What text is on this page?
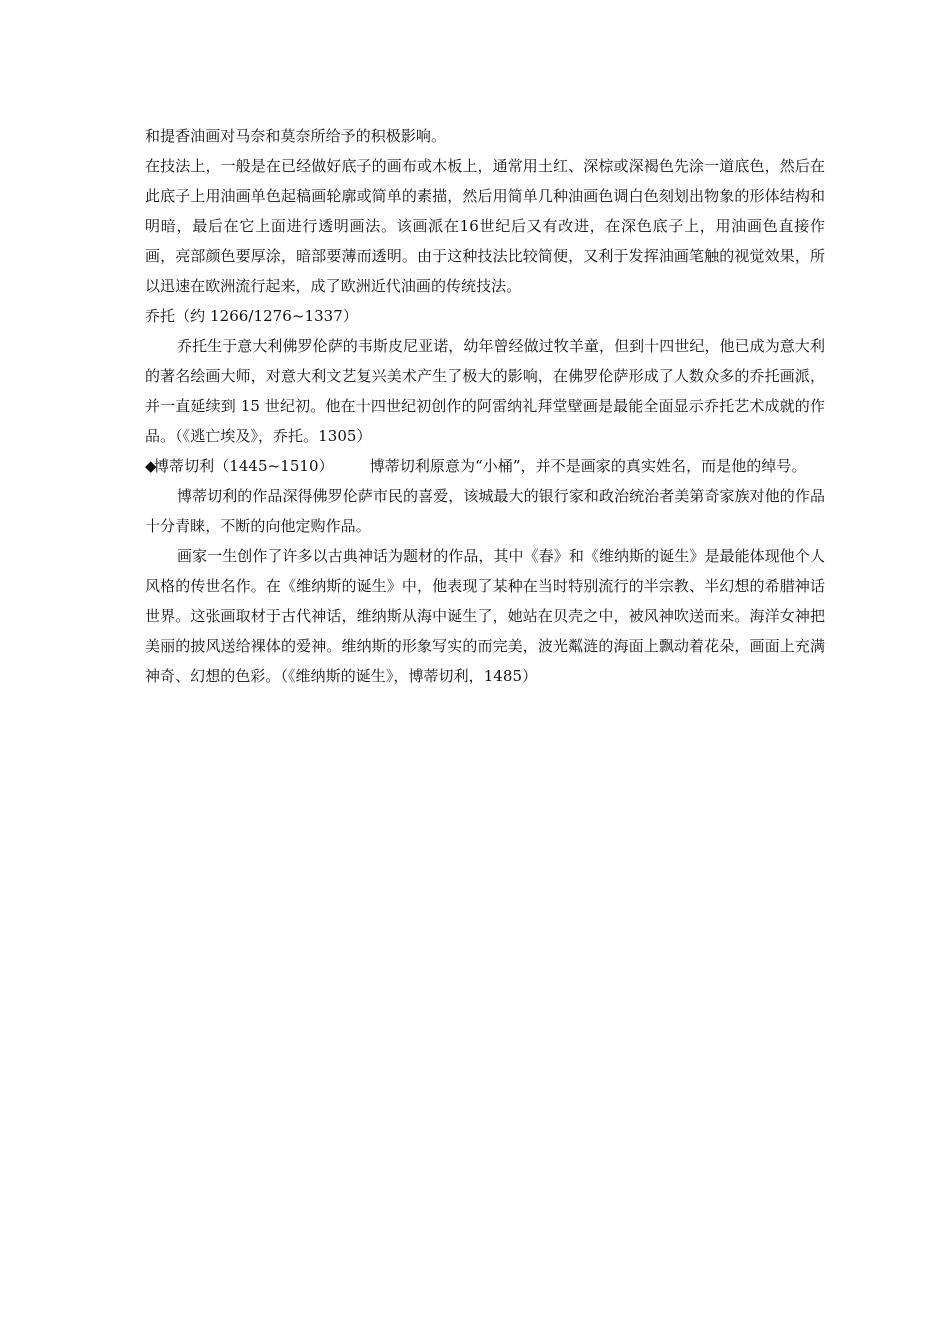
和提香油画对马奈和莫奈所给予的积极影响。

在技法上，一般是在已经做好底子的画布或木板上，通常用土红、深棕或深褐色先涂一道底色，然后在此底子上用油画单色起稿画轮廓或简单的素描，然后用简单几种油画色调白色刻划出物象的形体结构和明暗，最后在它上面进行透明画法。该画派在16世纪后又有改进，在深色底子上，用油画色直接作画，亮部颜色要厚涂，暗部要薄而透明。由于这种技法比较简便，又利于发挥油画笔触的视觉效果，所以迅速在欧洲流行起来，成了欧洲近代油画的传统技法。

乔托（约 1266/1276~1337）

乔托生于意大利佛罗伦萨的韦斯皮尼亚诺，幼年曾经做过牧羊童，但到十四世纪，他已成为意大利的著名绘画大师，对意大利文艺复兴美术产生了极大的影响，在佛罗伦萨形成了人数众多的乔托画派，并一直延续到 15 世纪初。他在十四世纪初创作的阿雷纳礼拜堂壁画是最能全面显示乔托艺术成就的作品。（《逃亡埃及》，乔托。1305）

◆博蒂切利（1445~1510） 博蒂切利原意为“小桶”，并不是画家的真实姓名，而是他的绰号。

博蒂切利的作品深得佛罗伦萨市民的喜爱，该城最大的银行家和政治统治者美第奇家族对他的作品十分青睐，不断的向他定购作品。

画家一生创作了许多以古典神话为题材的作品，其中《春》和《维纳斯的诞生》是最能体现他个人风格的传世名作。在《维纳斯的诞生》中，他表现了某种在当时特别流行的半宗教、半幻想的希腊神话世界。这张画取材于古代神话，维纳斯从海中诞生了，她站在贝壳之中，被风神吹送而来。海洋女神把美丽的披风送给裸体的爱神。维纳斯的形象写实的而完美，波光粼涟的海面上飘动着花朵，画面上充满神奇、幻想的色彩。（《维纳斯的诞生》，博蒂切利，1485）
